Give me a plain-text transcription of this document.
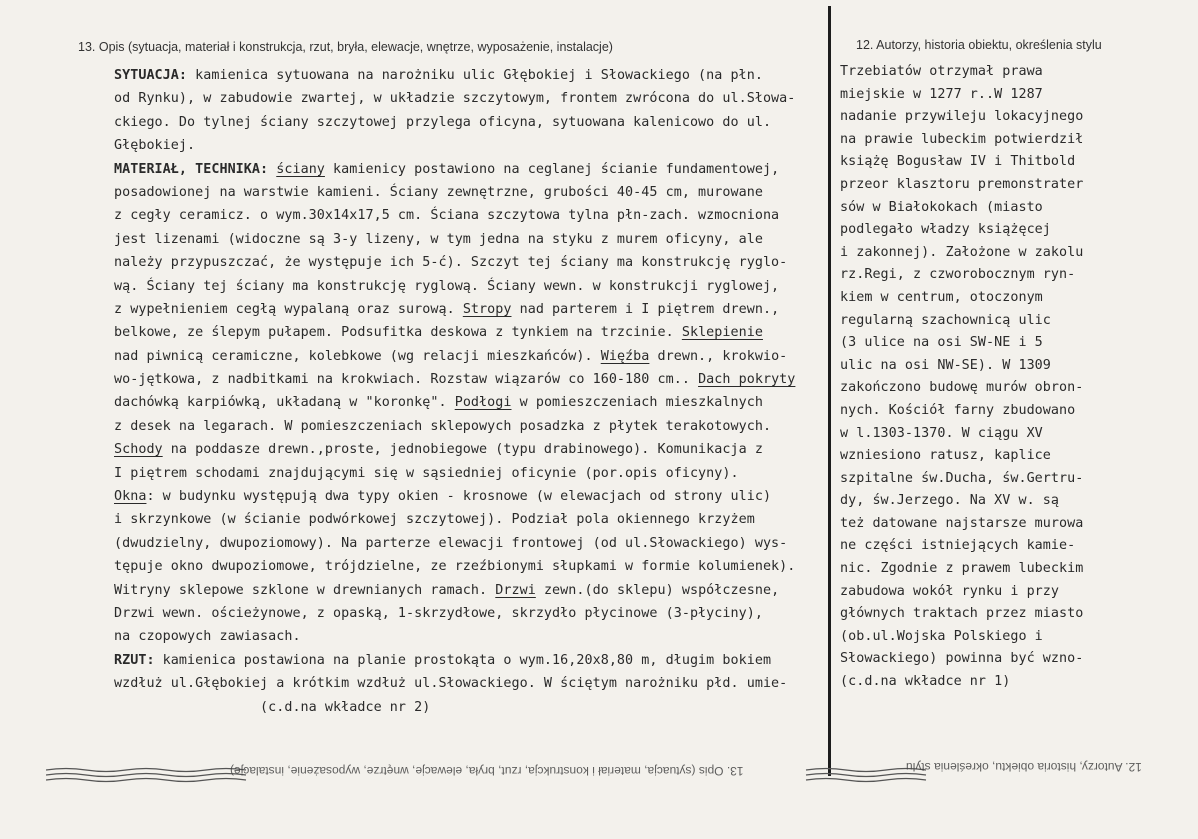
13. Opis (sytuacja, materiał i konstrukcja, rzut, bryła, elewacje, wnętrze, wyposażenie, instalacje)	12. Autorzy, historia obiektu, określenia stylu
SYTUACJA: kamienica sytuowana na narożniku ulic Głębokiej i Słowackiego (na płn.
od Rynku), w zabudowie zwartej, w układzie szczytowym, frontem zwrócona do ul.Słowa-
ckiego. Do tylnej ściany szczytowej przylega oficyna, sytuowana kalenicowo do ul.
Głębokiej.
MATERIAŁ, TECHNIKA: ściany kamienicy postawiono na ceglanej ścianie fundamentowej,
posadowionej na warstwie kamieni. Ściany zewnętrzne, grubości 40-45 cm, murowane
z cegły ceramicz. o wym.30x14x17,5 cm. Ściana szczytowa tylna płn-zach. wzmocniona
jest lizenami (widoczne są 3-y lizeny, w tym jedna na styku z murem oficyny, ale
należy przypuszczać, że występuje ich 5-ć). Szczyt tej ściany ma konstrukcję ryglo-
wą. Ściany tej ściany ma konstrukcję ryglową. Ściany wewn. w konstrukcji ryglowej,
z wypełnieniem cegłą wypalaną oraz surową. Stropy nad parterem i I piętrem drewn.,
belkowe, ze ślepym pułapem. Podsufitka deskowa z tynkiem na trzcinie. Sklepienie
nad piwnicą ceramiczne, kolebkowe (wg relacji mieszkańców). Więźba drewn., krokwio-
wo-jętkowa, z nadbitkami na krokwiach. Rozstaw wiązarów co 160-180 cm.. Dach pokryty
dachówką karpiówką, układaną w "koronkę". Podłogi w pomieszczeniach mieszkalnych
z desek na legarach. W pomieszczeniach sklepowych posadzka z płytek terakotowych.
Schody na poddasze drewn.,proste, jednobiegowe (typu drabinowego). Komunikacja z
I piętrem schodami znajdującymi się w sąsiedniej oficynie (por.opis oficyny).
Okna: w budynku występują dwa typy okien - krosnowe (w elewacjach od strony ulic)
i skrzynkowe (w ścianie podwórkowej szczytowej). Podział pola okiennego krzyżem
(dwudzielny, dwupoziomowy). Na parterze elewacji frontowej (od ul.Słowackiego) wys-
tępuje okno dwupoziomowe, trójdzielne, ze rzeźbionymi słupkami w formie kolumienek).
Witryny sklepowe szklone w drewnianych ramach. Drzwi zewn.(do sklepu) współczesne,
Drzwi wewn. ościeżynowe, z opaską, 1-skrzydłowe, skrzydło płycinowe (3-płyciny),
na czopowych zawiasach.
RZUT: kamienica postawiona na planie prostokąta o wym.16,20x8,80 m, długim bokiem
wzdłuż ul.Głębokiej a krótkim wzdłuż ul.Słowackiego. W ściętym narożniku płd. umie-
(c.d.na wkładce nr 2)
Trzebiatów otrzymał prawa
miejskie w 1277 r..W 1287
nadanie przywileju lokacyjnego
na prawie lubeckim potwierdził
książę Bogusław IV i Thitbold
przeor klasztoru premonstrater
sów w Białokokach (miasto
podlegało władzy książęcej
i zakonnej). Założone w zakolu
rz.Regi, z czworobocznym ryn-
kiem w centrum, otoczonym
regularną szachownicą ulic
(3 ulice na osi SW-NE i 5
ulic na osi NW-SE). W 1309
zakończono budowę murów obron-
nych. Kościół farny zbudowano
w l.1303-1370. W ciągu XV
wzniesiono ratusz, kaplice
szpitalne św.Ducha, św.Gertru-
dy, św.Jerzego. Na XV w. są
też datowane najstarsze murowa
ne części istniejących kamie-
nic. Zgodnie z prawem lubeckim
zabudowa wokół rynku i przy
głównych traktach przez miasto
(ob.ul.Wojska Polskiego i
Słowackiego) powinna być wzno-
(c.d.na wkładce nr 1)
13. Opis (sytuacja, materiał i konstrukcja, rzut, bryła, elewacje, wnętrze, wyposażenie, instalacje)	12. Autorzy, historia obiektu, określenia stylu
